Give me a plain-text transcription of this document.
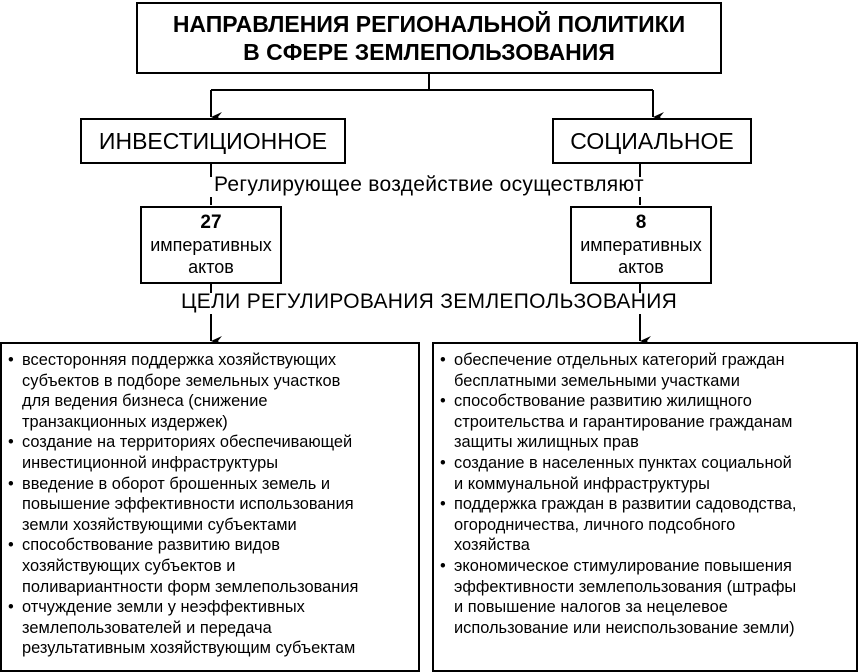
НАПРАВЛЕНИЯ РЕГИОНАЛЬНОЙ ПОЛИТИКИ
В СФЕРЕ ЗЕМЛЕПОЛЬЗОВАНИЯ
ИНВЕСТИЦИОННОЕ	СОЦИАЛЬНОЕ
Регулирующее воздействие осуществляют
27
императивных
актов
8
императивных
актов
ЦЕЛИ РЕГУЛИРОВАНИЯ ЗЕМЛЕПОЛЬЗОВАНИЯ
• всесторонняя поддержка хозяйствующих
субъектов в подборе земельных участков
для ведения бизнеса (снижение
транзакционных издержек)
• создание на территориях обеспечивающей
инвестиционной инфраструктуры
• введение в оборот брошенных земель и
повышение эффективности использования
земли хозяйствующими субъектами
• способствование развитию видов
хозяйствующих субъектов и
поливариантности форм землепользования
• отчуждение земли у неэффективных
землепользователей и передача
результативным хозяйствующим субъектам
• обеспечение отдельных категорий граждан
бесплатными земельными участками
• способствование развитию жилищного
строительства и гарантирование гражданам
защиты жилищных прав
• создание в населенных пунктах социальной
и коммунальной инфраструктуры
• поддержка граждан в развитии садоводства,
огородничества, личного подсобного
хозяйства
• экономическое стимулирование повышения
эффективности землепользования (штрафы
и повышение налогов за нецелевое
использование или неиспользование земли)
